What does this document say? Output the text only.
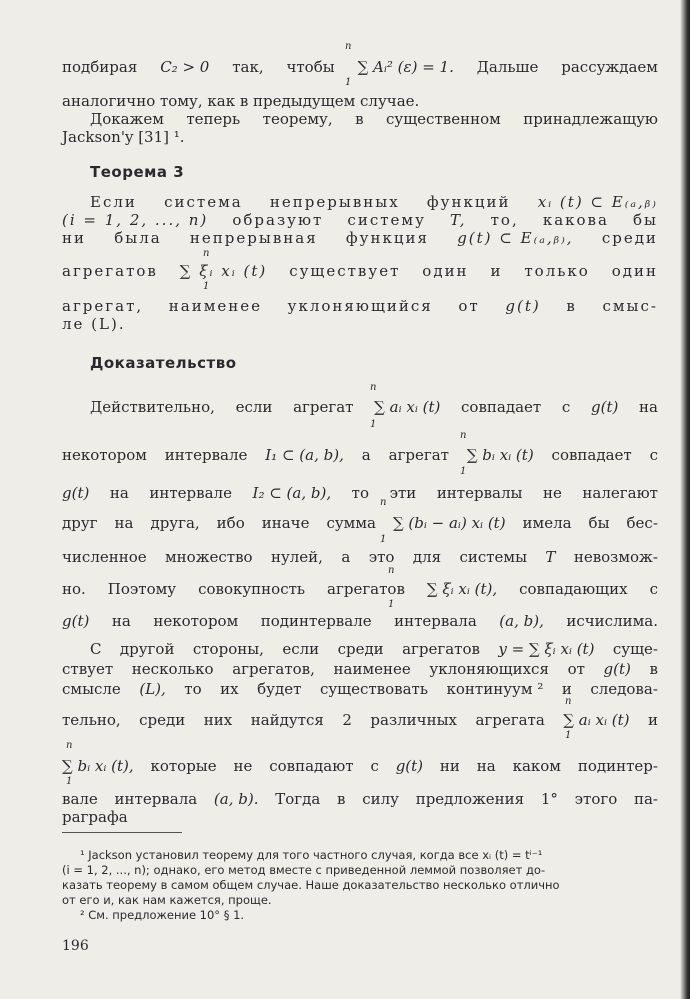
n
подбирая C₂ > 0 так, чтобы ∑ Aᵢ² (ε) = 1. Дальше рассуждаем
1
аналогично тому, как в предыдущем случае.
Докажем теперь теорему, в существенном принадлежащую
Jackson'y [31] ¹.
Теорема 3
Если система непрерывных функций xᵢ (t) ⊂ E₍ₐ,ᵦ₎
(i = 1, 2, ..., n) образуют систему T, то, какова бы
ни была непрерывная функция g(t) ⊂ E₍ₐ,ᵦ₎, среди
n
агрегатов ∑ ξᵢ xᵢ (t) существует один и только один
1
агрегат, наименее уклоняющийся от g(t) в смыс-
ле (L).
Доказательство
n
Действительно, если агрегат ∑ aᵢ xᵢ (t) совпадает с g(t) на
1
n
некотором интервале I₁ ⊂ (a, b), а агрегат ∑ bᵢ xᵢ (t) совпадает с
1
g(t) на интервале I₂ ⊂ (a, b), то эти интервалы не налегают
n
друг на друга, ибо иначе сумма ∑ (bᵢ − aᵢ) xᵢ (t) имела бы бес-
1
численное множество нулей, а это для системы T невозмож-
n
но. Поэтому совокупность агрегатов ∑ ξᵢ xᵢ (t), совпадающих с
1
g(t) на некотором подинтервале интервала (a, b), исчислима.
С другой стороны, если среди агрегатов y = ∑ ξᵢ xᵢ (t) суще-
ствует несколько агрегатов, наименее уклоняющихся от g(t) в
смысле (L), то их будет существовать континуум ² и следова-
n
тельно, среди них найдутся 2 различных агрегата ∑ aᵢ xᵢ (t) и
1
n
∑ bᵢ xᵢ (t), которые не совпадают с g(t) ни на каком подинтер-
1
вале интервала (a, b). Тогда в силу предложения 1° этого па-
раграфа
¹ Jackson установил теорему для того частного случая, когда все xᵢ (t) = tⁱ⁻¹
(i = 1, 2, ..., n); однако, его метод вместе с приведенной леммой позволяет до-
казать теорему в самом общем случае. Наше доказательство несколько отлично
от его и, как нам кажется, проще.
² См. предложение 10° § 1.
196
